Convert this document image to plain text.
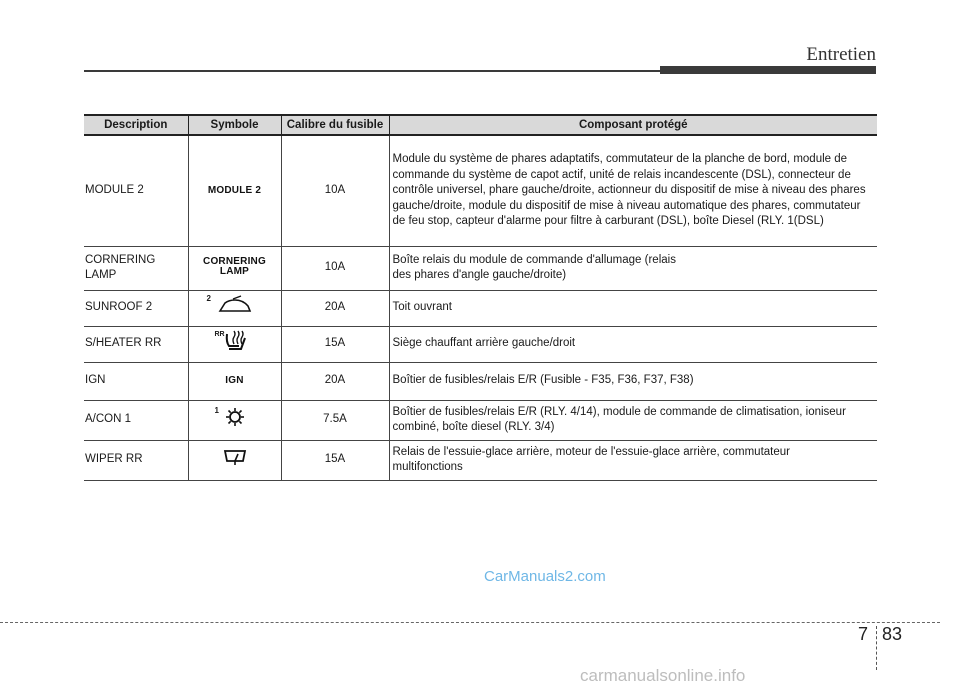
Entretien
Description	Symbole	Calibre du fusible	Composant protégé
MODULE 2	MODULE 2	10A	Module du système de phares adaptatifs, commutateur de la planche de bord, module de commande du système de capot actif, unité de relais incandescente (DSL), connecteur de contrôle universel, phare gauche/droite, actionneur du dispositif de mise à niveau des phares gauche/droite, module du dispositif de mise à niveau automatique des phares, commutateur de feu stop, capteur d'alarme pour filtre à carburant (DSL), boîte Diesel (RLY. 1(DSL)

CORNERING LAMP	CORNERING LAMP	10A	Boîte relais du module de commande d'allumage (relais des phares d'angle gauche/droite)

SUNROOF 2	2	20A	Toit ouvrant
S/HEATER RR	RR	15A	Siège chauffant arrière gauche/droit
IGN	IGN	20A	Boîtier de fusibles/relais E/R (Fusible - F35, F36, F37, F38)
A/CON 1	1	7.5A	Boîtier de fusibles/relais E/R (RLY. 4/14), module de commande de climatisation, ioniseur combiné, boîte diesel (RLY. 3/4)
WIPER RR		15A	Relais de l'essuie-glace arrière, moteur de l'essuie-glace arrière, commutateur multifonctions
CarManuals2.com
7 83
carmanualsonline.info
